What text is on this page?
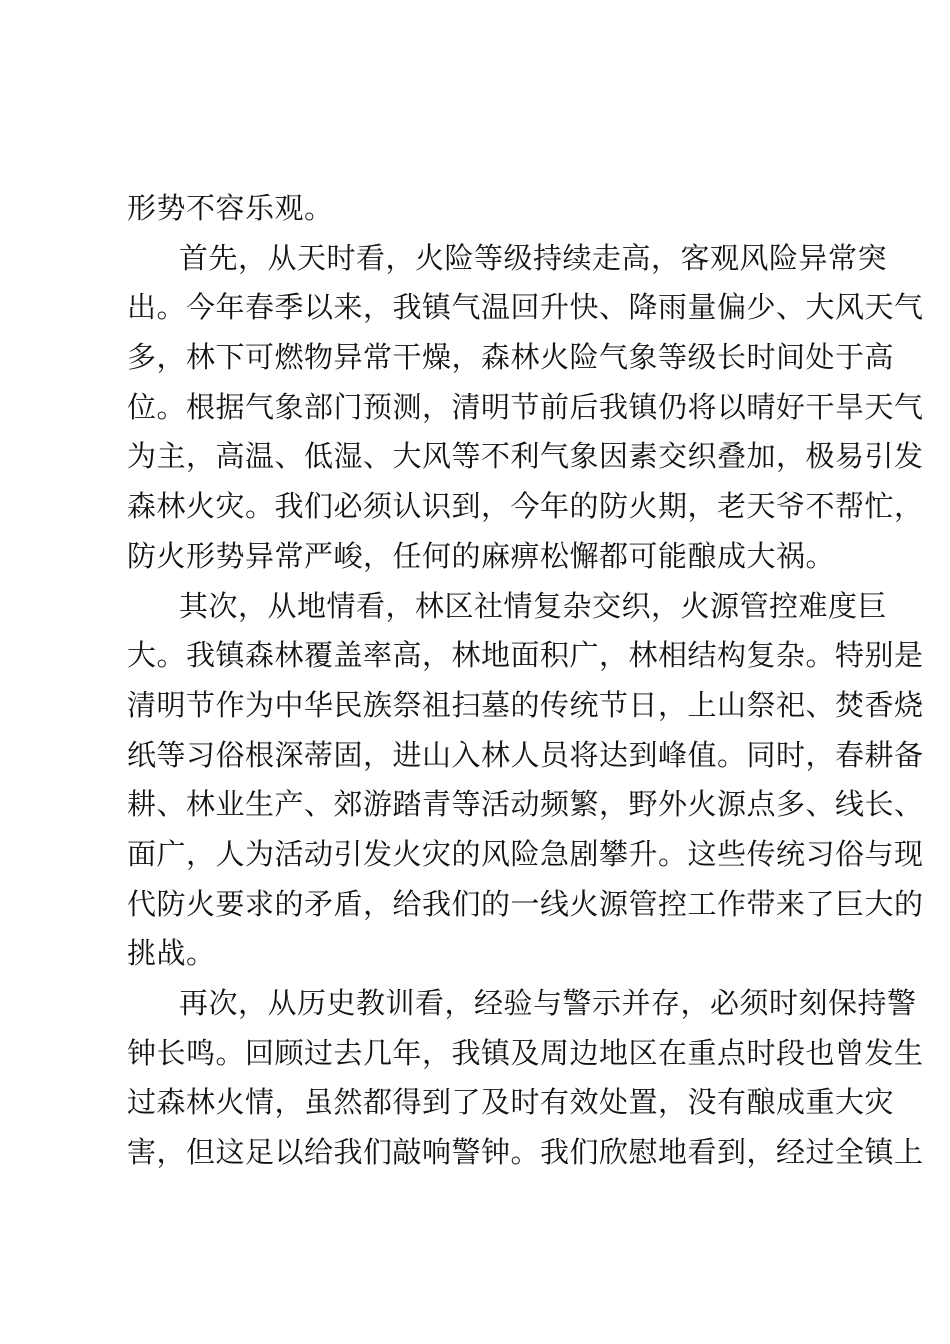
形势不容乐观。
首先，从天时看，火险等级持续走高，客观风险异常突
出。今年春季以来，我镇气温回升快、降雨量偏少、大风天气
多，林下可燃物异常干燥，森林火险气象等级长时间处于高
位。根据气象部门预测，清明节前后我镇仍将以晴好干旱天气
为主，高温、低湿、大风等不利气象因素交织叠加，极易引发
森林火灾。我们必须认识到，今年的防火期，老天爷不帮忙，
防火形势异常严峻，任何的麻痹松懈都可能酿成大祸。
其次，从地情看，林区社情复杂交织，火源管控难度巨
大。我镇森林覆盖率高，林地面积广，林相结构复杂。特别是
清明节作为中华民族祭祖扫墓的传统节日，上山祭祀、焚香烧
纸等习俗根深蒂固，进山入林人员将达到峰值。同时，春耕备
耕、林业生产、郊游踏青等活动频繁，野外火源点多、线长、
面广，人为活动引发火灾的风险急剧攀升。这些传统习俗与现
代防火要求的矛盾，给我们的一线火源管控工作带来了巨大的
挑战。
再次，从历史教训看，经验与警示并存，必须时刻保持警
钟长鸣。回顾过去几年，我镇及周边地区在重点时段也曾发生
过森林火情，虽然都得到了及时有效处置，没有酿成重大灾
害，但这足以给我们敲响警钟。我们欣慰地看到，经过全镇上
